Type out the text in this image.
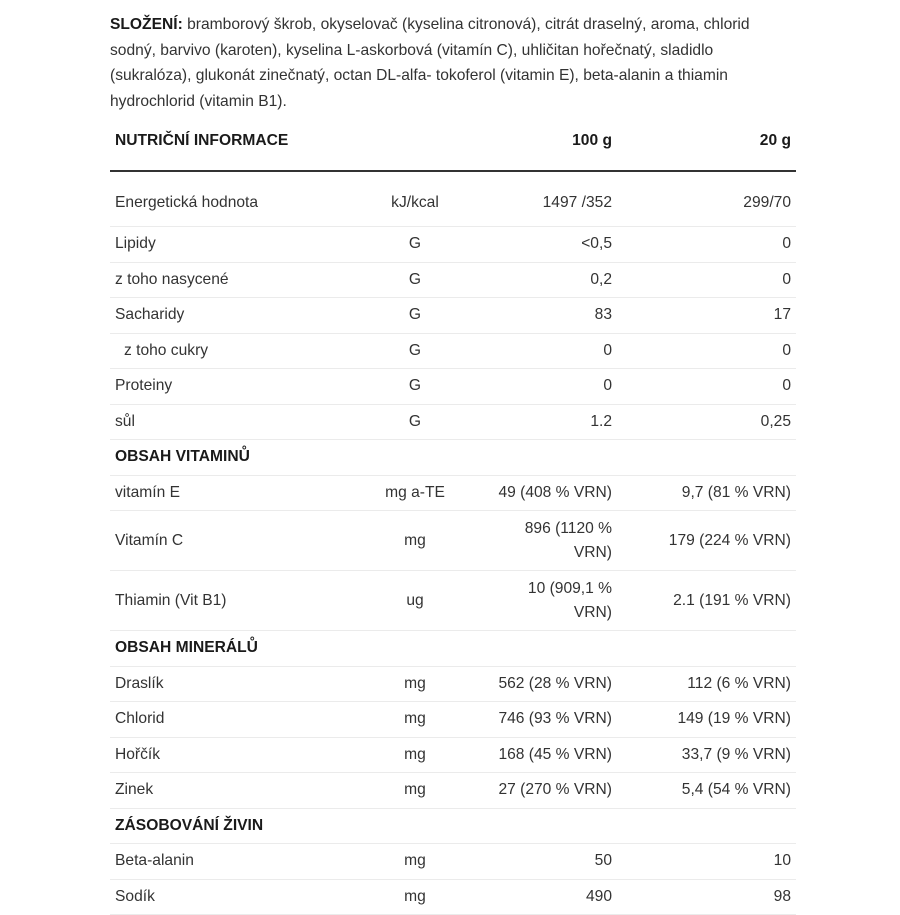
SLOŽENÍ: bramborový škrob, okyselovač (kyselina citronová), citrát draselný, aroma, chlorid sodný, barvivo (karoten), kyselina L-askorbová (vitamín C), uhličitan hořečnatý, sladidlo (sukralóza), glukonát zinečnatý, octan DL-alfa- tokoferol (vitamin E), beta-alanin a thiamin hydrochlorid (vitamin B1).

NUTRIČNÍ INFORMACE		100 g	20 g
Energetická hodnota	kJ/kcal	1497 /352	299/70
Lipidy	G	<0,5	0
z toho nasycené	G	0,2	0
Sacharidy	G	83	17
z toho cukry	G	0	0
Proteiny	G	0	0
sůl	G	1.2	0,25
OBSAH VITAMINŮ			
vitamín E	mg a-TE	49 (408 % VRN)	9,7 (81 % VRN)
Vitamín C	mg	896 (1120 % VRN)	179 (224 % VRN)
Thiamin (Vit B1)	ug	10 (909,1 % VRN)	2.1 (191 % VRN)
OBSAH MINERÁLŮ			
Draslík	mg	562 (28 % VRN)	112 (6 % VRN)
Chlorid	mg	746 (93 % VRN)	149 (19 % VRN)
Hořčík	mg	168 (45 % VRN)	33,7 (9 % VRN)
Zinek	mg	27 (270 % VRN)	5,4 (54 % VRN)
ZÁSOBOVÁNÍ ŽIVIN			
Beta-alanin	mg	50	10
Sodík	mg	490	98
